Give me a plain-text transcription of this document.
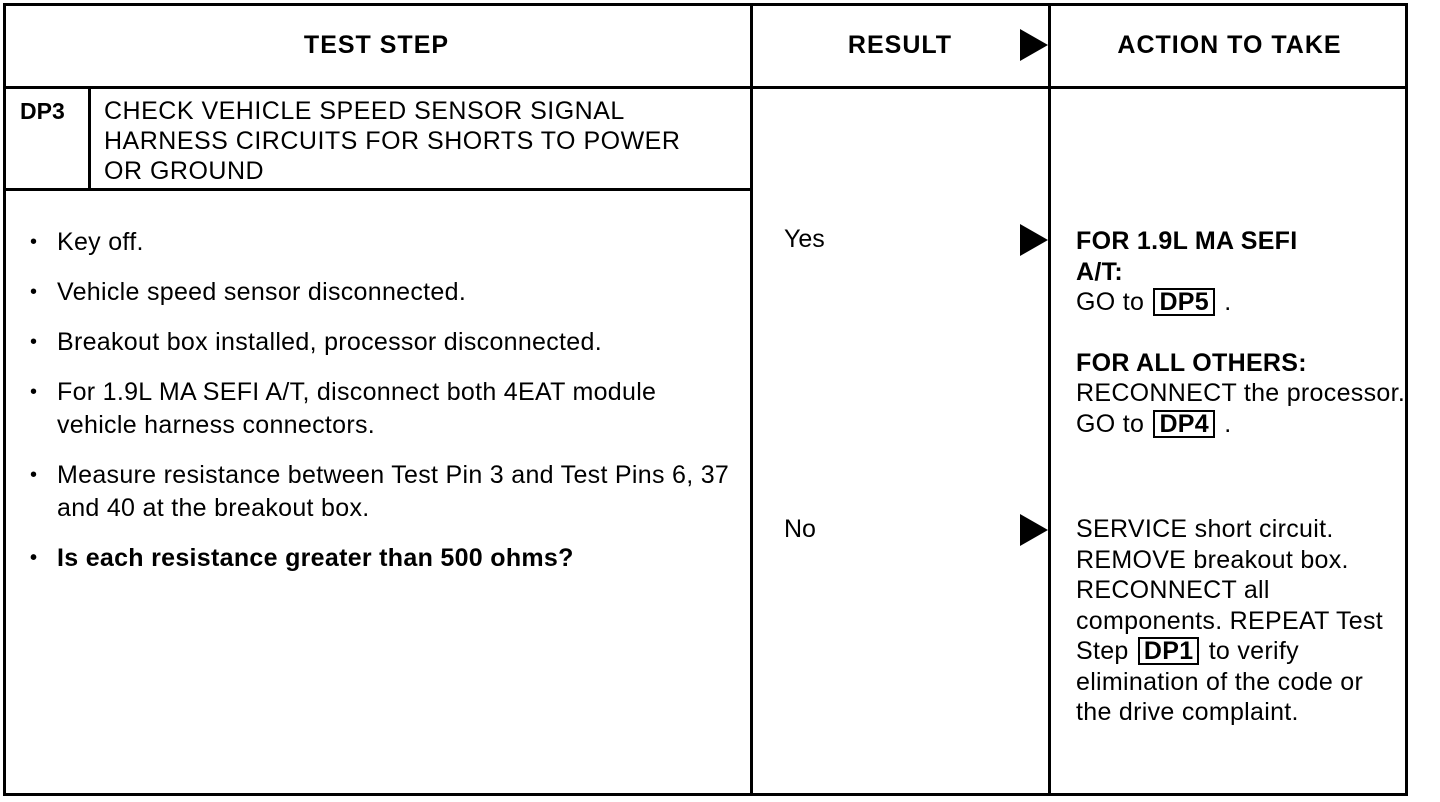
TEST STEP	RESULT	ACTION TO TAKE
DP3 CHECK VEHICLE SPEED SENSOR SIGNAL
HARNESS CIRCUITS FOR SHORTS TO POWER
OR GROUND
• Key off.
• Vehicle speed sensor disconnected.
• Breakout box installed, processor disconnected.
• For 1.9L MA SEFI A/T, disconnect both 4EAT module vehicle harness connectors.
• Measure resistance between Test Pin 3 and Test Pins 6, 37 and 40 at the breakout box.
• Is each resistance greater than 500 ohms?
Yes
No
FOR 1.9L MA SEFI A/T:
GO to DP5 .
FOR ALL OTHERS:
RECONNECT the processor. GO to DP4 .
SERVICE short circuit. REMOVE breakout box. RECONNECT all components. REPEAT Test Step DP1 to verify elimination of the code or the drive complaint.
